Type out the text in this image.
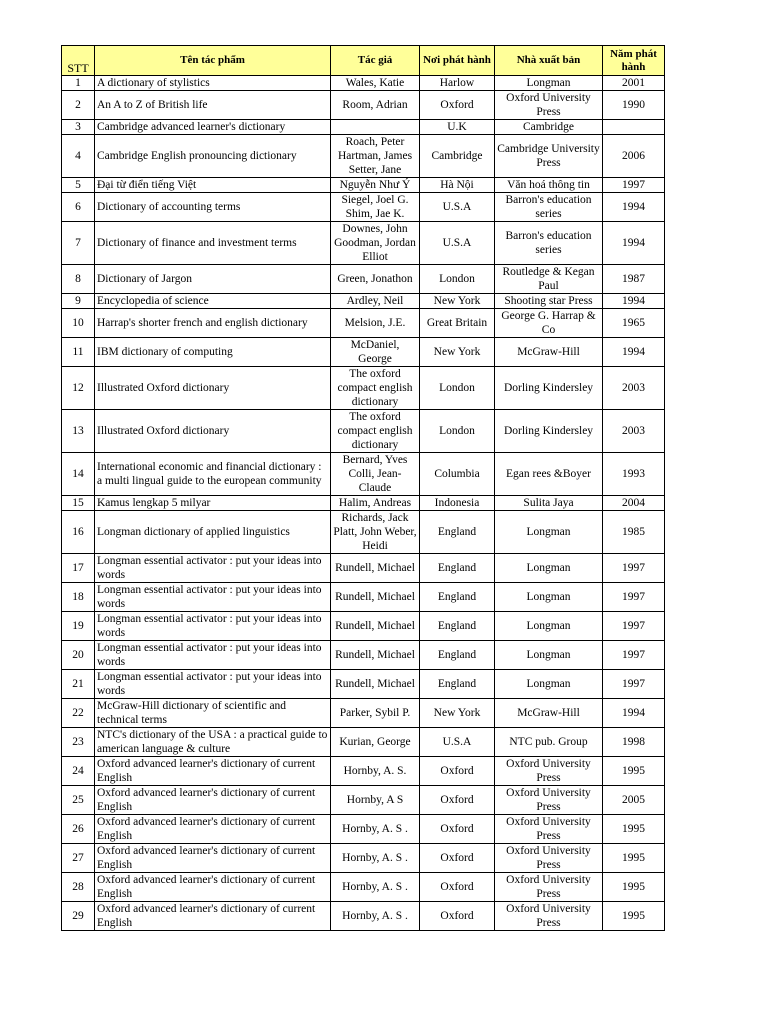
STT	Tên tác phẩm	Tác giả	Nơi phát hành	Nhà xuất bản	Năm phát hành
1	A dictionary of stylistics	Wales, Katie	Harlow	Longman	2001
2	An A to Z of British life	Room, Adrian	Oxford	Oxford University Press	1990
3	Cambridge advanced learner's dictionary		U.K	Cambridge	
4	Cambridge English pronouncing dictionary	Roach, Peter Hartman, James Setter, Jane	Cambridge	Cambridge University Press	2006
5	Đại từ điển tiếng Việt	Nguyễn Như Ý	Hà Nội	Văn hoá thông tin	1997
6	Dictionary of accounting terms	Siegel, Joel G. Shim, Jae K.	U.S.A	Barron's education series	1994
7	Dictionary of finance and investment terms	Downes, John Goodman, Jordan Elliot	U.S.A	Barron's education series	1994
8	Dictionary of Jargon	Green, Jonathon	London	Routledge & Kegan Paul	1987
9	Encyclopedia of science	Ardley, Neil	New York	Shooting star Press	1994
10	Harrap's shorter french and english dictionary	Melsion, J.E.	Great Britain	George G. Harrap & Co	1965
11	IBM dictionary of computing	McDaniel, George	New York	McGraw-Hill	1994
12	Illustrated Oxford dictionary	The oxford compact english dictionary	London	Dorling Kindersley	2003
13	Illustrated Oxford dictionary	The oxford compact english dictionary	London	Dorling Kindersley	2003
14	International economic and financial dictionary : a multi lingual guide to the european community	Bernard, Yves Colli, Jean-Claude	Columbia	Egan rees &Boyer	1993
15	Kamus lengkap 5 milyar	Halim, Andreas	Indonesia	Sulita Jaya	2004
16	Longman dictionary of applied linguistics	Richards, Jack Platt, John Weber, Heidi	England	Longman	1985
17	Longman essential activator : put your ideas into words	Rundell, Michael	England	Longman	1997
18	Longman essential activator : put your ideas into words	Rundell, Michael	England	Longman	1997
19	Longman essential activator : put your ideas into words	Rundell, Michael	England	Longman	1997
20	Longman essential activator : put your ideas into words	Rundell, Michael	England	Longman	1997
21	Longman essential activator : put your ideas into words	Rundell, Michael	England	Longman	1997
22	McGraw-Hill dictionary of scientific and technical terms	Parker, Sybil P.	New York	McGraw-Hill	1994
23	NTC's dictionary of the USA : a practical guide to american language & culture	Kurian, George	U.S.A	NTC pub. Group	1998
24	Oxford advanced learner's dictionary of current English	Hornby, A. S.	Oxford	Oxford University Press	1995
25	Oxford advanced learner's dictionary of current English	Hornby, A S	Oxford	Oxford University Press	2005
26	Oxford advanced learner's dictionary of current English	Hornby, A. S .	Oxford	Oxford University Press	1995
27	Oxford advanced learner's dictionary of current English	Hornby, A. S .	Oxford	Oxford University Press	1995
28	Oxford advanced learner's dictionary of current English	Hornby, A. S .	Oxford	Oxford University Press	1995
29	Oxford advanced learner's dictionary of current English	Hornby, A. S .	Oxford	Oxford University Press	1995
